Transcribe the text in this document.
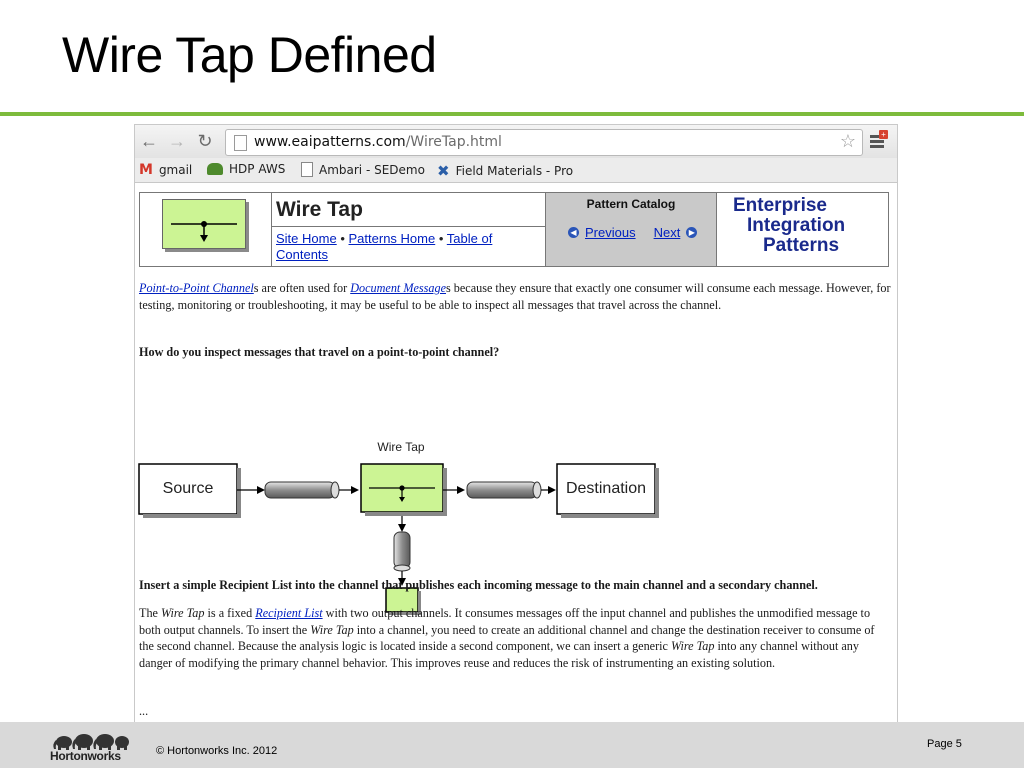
Wire Tap Defined
← → ↻	www.eaipatterns.com/WireTap.html	☆	+
M gmail	HDP AWS	Ambari - SEDemo ✖ Field Materials - Pro
Wire Tap
Site Home • Patterns Home • Table of Contents
Pattern Catalog
◀ Previous Next	▶
Enterprise
Integration
Patterns
Point-to-Point Channels are often used for Document Messages because they ensure that exactly one consumer will consume each message. However, for testing, monitoring or troubleshooting, it may be useful to be able to inspect all messages that travel across the channel.
How do you inspect messages that travel on a point-to-point channel?
Wire Tap
Source	Destination
Insert a simple Recipient List into the channel that publishes each incoming message to the main channel and a secondary channel.
The Wire Tap is a fixed Recipient List with two output channels. It consumes messages off the input channel and publishes the unmodified message to both output channels. To insert the Wire Tap into a channel, you need to create an additional channel and change the destination receiver to consume of the second channel. Because the analysis logic is located inside a second component, we can insert a generic Wire Tap into any channel without any danger of modifying the primary channel behavior. This improves reuse and reduces the risk of instrumenting an existing solution.
...
Hortonworks	© Hortonworks Inc. 2012
Page 5
